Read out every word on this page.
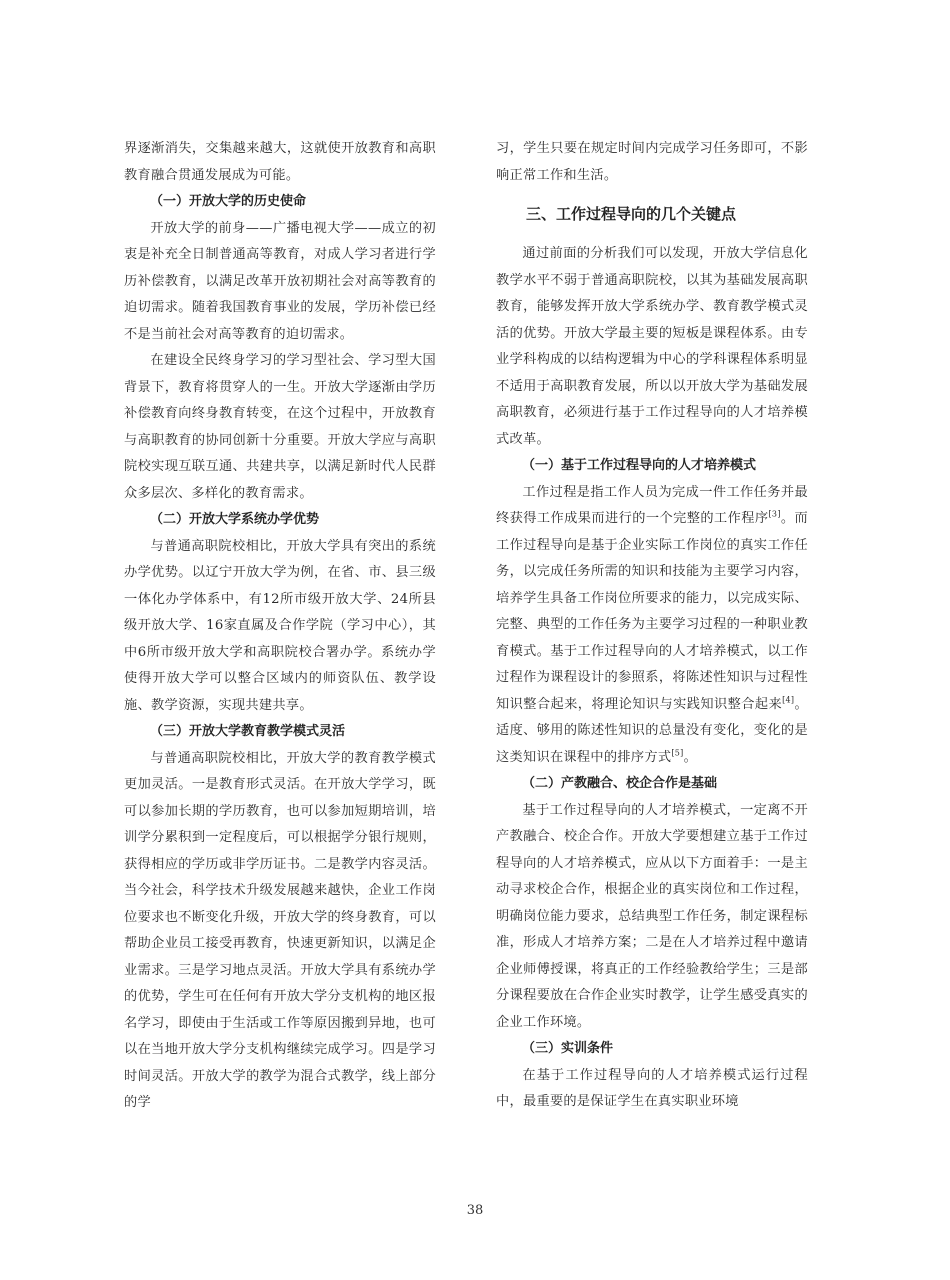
界逐渐消失，交集越来越大，这就使开放教育和高职教育融合贯通发展成为可能。

（一）开放大学的历史使命

开放大学的前身——广播电视大学——成立的初衷是补充全日制普通高等教育，对成人学习者进行学历补偿教育，以满足改革开放初期社会对高等教育的迫切需求。随着我国教育事业的发展，学历补偿已经不是当前社会对高等教育的迫切需求。

在建设全民终身学习的学习型社会、学习型大国背景下，教育将贯穿人的一生。开放大学逐渐由学历补偿教育向终身教育转变，在这个过程中，开放教育与高职教育的协同创新十分重要。开放大学应与高职院校实现互联互通、共建共享，以满足新时代人民群众多层次、多样化的教育需求。

（二）开放大学系统办学优势

与普通高职院校相比，开放大学具有突出的系统办学优势。以辽宁开放大学为例，在省、市、县三级一体化办学体系中，有12所市级开放大学、24所县级开放大学、16家直属及合作学院（学习中心），其中6所市级开放大学和高职院校合署办学。系统办学使得开放大学可以整合区域内的师资队伍、教学设施、教学资源，实现共建共享。

（三）开放大学教育教学模式灵活

与普通高职院校相比，开放大学的教育教学模式更加灵活。一是教育形式灵活。在开放大学学习，既可以参加长期的学历教育，也可以参加短期培训，培训学分累积到一定程度后，可以根据学分银行规则，获得相应的学历或非学历证书。二是教学内容灵活。当今社会，科学技术升级发展越来越快，企业工作岗位要求也不断变化升级，开放大学的终身教育，可以帮助企业员工接受再教育，快速更新知识，以满足企业需求。三是学习地点灵活。开放大学具有系统办学的优势，学生可在任何有开放大学分支机构的地区报名学习，即使由于生活或工作等原因搬到异地，也可以在当地开放大学分支机构继续完成学习。四是学习时间灵活。开放大学的教学为混合式教学，线上部分的学

习，学生只要在规定时间内完成学习任务即可，不影响正常工作和生活。

三、工作过程导向的几个关键点

通过前面的分析我们可以发现，开放大学信息化教学水平不弱于普通高职院校，以其为基础发展高职教育，能够发挥开放大学系统办学、教育教学模式灵活的优势。开放大学最主要的短板是课程体系。由专业学科构成的以结构逻辑为中心的学科课程体系明显不适用于高职教育发展，所以以开放大学为基础发展高职教育，必须进行基于工作过程导向的人才培养模式改革。

（一）基于工作过程导向的人才培养模式

工作过程是指工作人员为完成一件工作任务并最终获得工作成果而进行的一个完整的工作程序[3]。而工作过程导向是基于企业实际工作岗位的真实工作任务，以完成任务所需的知识和技能为主要学习内容，培养学生具备工作岗位所要求的能力，以完成实际、完整、典型的工作任务为主要学习过程的一种职业教育模式。基于工作过程导向的人才培养模式，以工作过程作为课程设计的参照系，将陈述性知识与过程性知识整合起来，将理论知识与实践知识整合起来[4]。适度、够用的陈述性知识的总量没有变化，变化的是这类知识在课程中的排序方式[5]。

（二）产教融合、校企合作是基础

基于工作过程导向的人才培养模式，一定离不开产教融合、校企合作。开放大学要想建立基于工作过程导向的人才培养模式，应从以下方面着手：一是主动寻求校企合作，根据企业的真实岗位和工作过程，明确岗位能力要求，总结典型工作任务，制定课程标准，形成人才培养方案；二是在人才培养过程中邀请企业师傅授课，将真正的工作经验教给学生；三是部分课程要放在合作企业实时教学，让学生感受真实的企业工作环境。

（三）实训条件

在基于工作过程导向的人才培养模式运行过程中，最重要的是保证学生在真实职业环境

38
